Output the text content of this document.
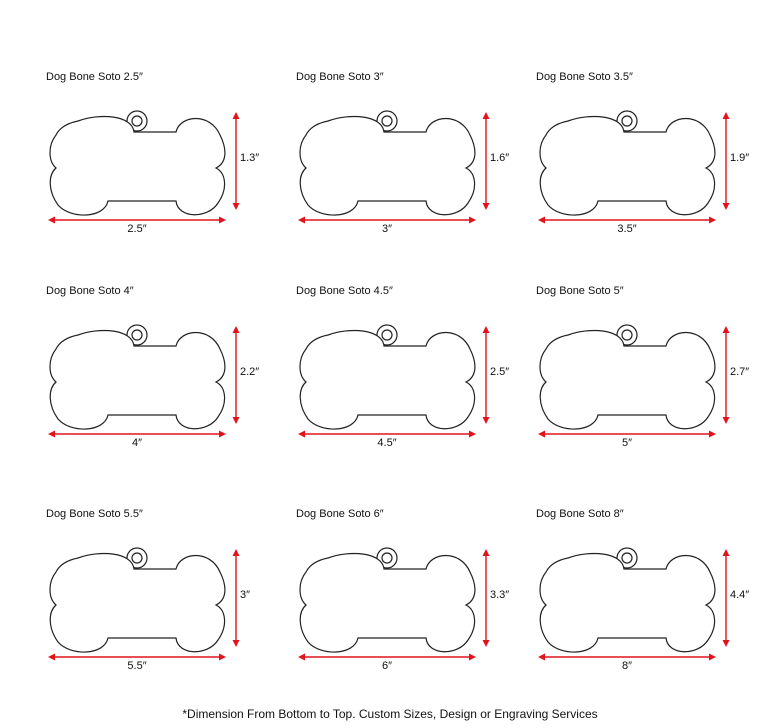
Dog Bone Soto 2.5″
1.3″
2.5″
Dog Bone Soto 3″
1.6″
3″
Dog Bone Soto 3.5″
1.9″
3.5″
Dog Bone Soto 4″
2.2″
4″
Dog Bone Soto 4.5″
2.5″
4.5″
Dog Bone Soto 5″
2.7″
5″
Dog Bone Soto 5.5″
3″
5.5″
Dog Bone Soto 6″
3.3″
6″
Dog Bone Soto 8″
4.4″
8″
*Dimension From Bottom to Top. Custom Sizes, Design or Engraving Services
